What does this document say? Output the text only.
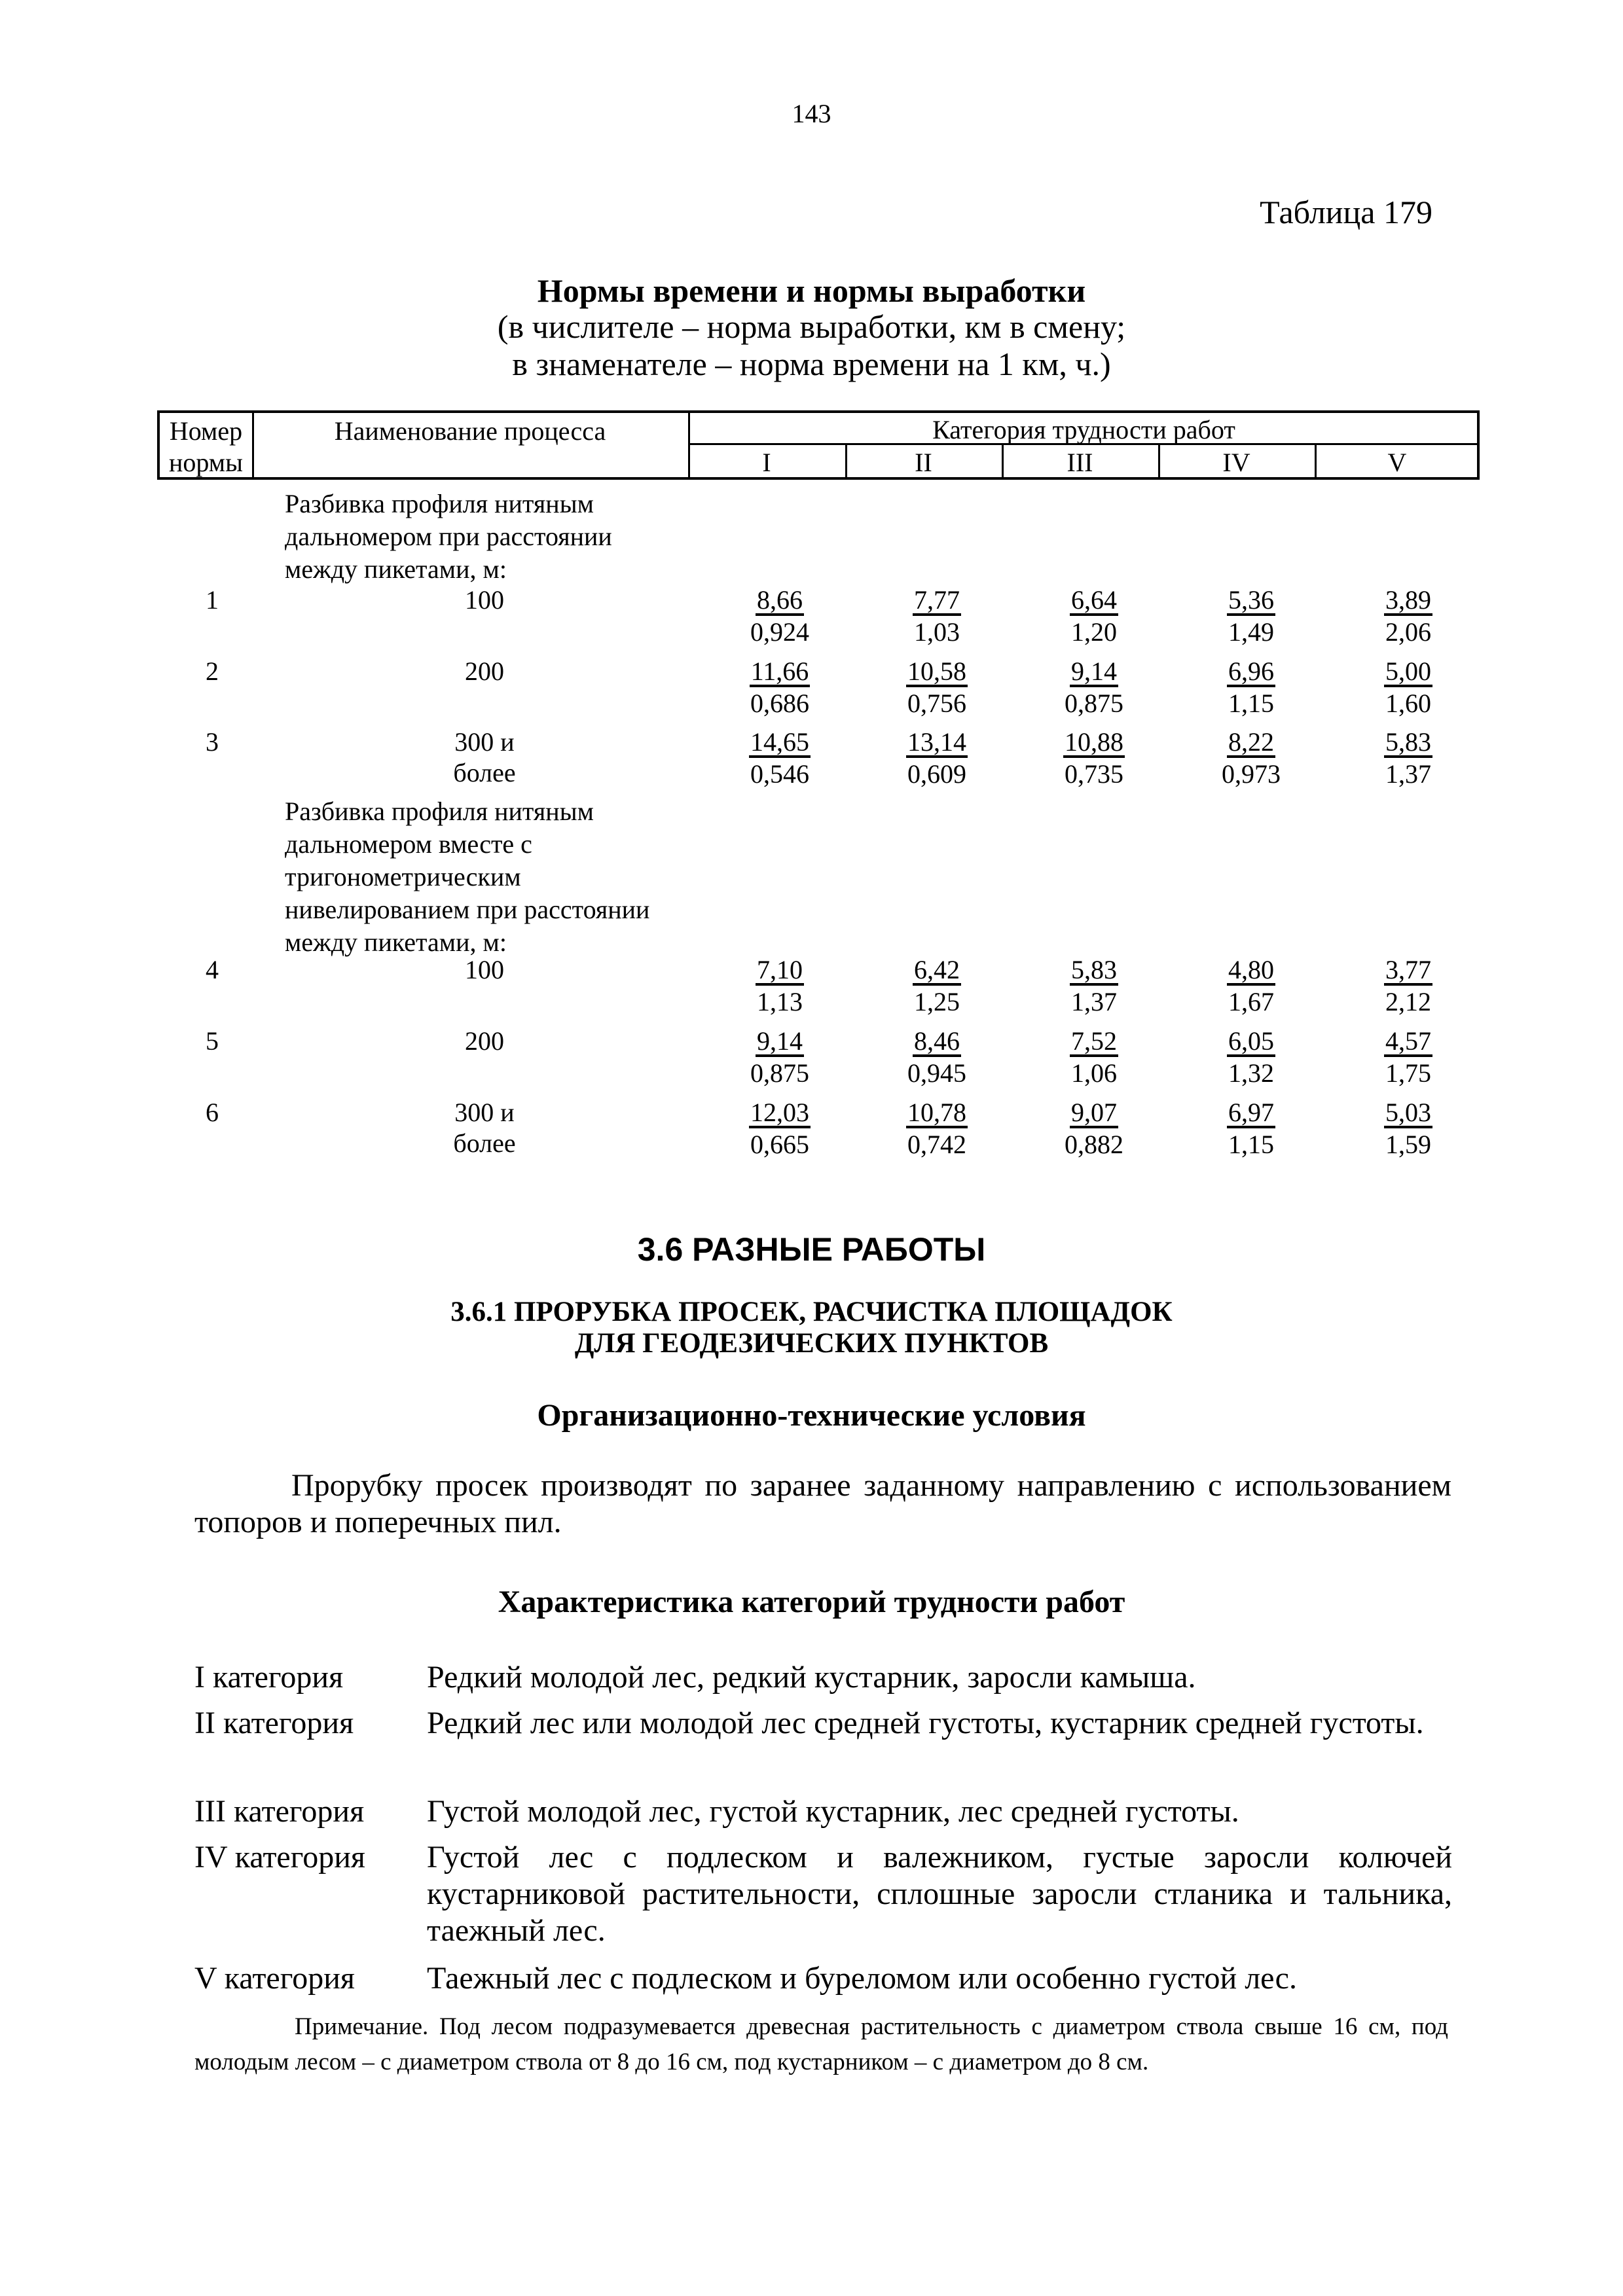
143
Таблица 179
Нормы времени и нормы выработки
(в числителе – норма выработки, км в смену;
в знаменателе – норма времени на 1 км, ч.)
Номер
нормы
Наименование процесса	Категория трудности работ
I	II	III	IV	V
Разбивка профиля нитяным
дальномером при расстоянии
между пикетами, м:
1	100	$\frac{8,66}{0,924} \frac{7,77}{1,03} \frac{6,64}{1,20} \frac{5,36}{1,49} \frac{3,89}{2,06}$
2	200	$\frac{11,66}{0,686} \frac{10,58}{0,756} \frac{9,14}{0,875} \frac{6,96}{1,15} \frac{5,00}{1,60}$
3	300 и более	$\frac{14,65}{0,546} \frac{13,14}{0,609} \frac{10,88}{0,735} \frac{8,22}{0,973} \frac{5,83}{1,37}$
Разбивка профиля нитяным
дальномером вместе с
тригонометрическим
нивелированием при расстоянии
между пикетами, м:
4	100	$\frac{7,10}{1,13} \frac{6,42}{1,25} \frac{5,83}{1,37} \frac{4,80}{1,67} \frac{3,77}{2,12}$
5	200	$\frac{9,14}{0,875} \frac{8,46}{0,945} \frac{7,52}{1,06} \frac{6,05}{1,32} \frac{4,57}{1,75}$
6	300 и более	$\frac{12,03}{0,665} \frac{10,78}{0,742} \frac{9,07}{0,882} \frac{6,97}{1,15} \frac{5,03}{1,59}$
3.6 РАЗНЫЕ РАБОТЫ
3.6.1 ПРОРУБКА ПРОСЕК, РАСЧИСТКА ПЛОЩАДОК
ДЛЯ ГЕОДЕЗИЧЕСКИХ ПУНКТОВ
Организационно-технические условия
Прорубку просек производят по заранее заданному направлению с использованием топоров и поперечных пил.
Характеристика категорий трудности работ
I категория	Редкий молодой лес, редкий кустарник, заросли камыша.
II категория Редкий лес или молодой лес средней густоты, кустарник средней густоты.
III категория Густой молодой лес, густой кустарник, лес средней густоты.
IV категория Густой лес с подлеском и валежником, густые заросли колючей кустарниковой растительности, сплошные заросли стланика и тальника, таежный лес.
V категория Таежный лес с подлеском и буреломом или особенно густой лес.
Примечание. Под лесом подразумевается древесная растительность с диаметром ствола свыше 16 см, под молодым лесом – с диаметром ствола от 8 до 16 см, под кустарником – с диаметром до 8 см.
